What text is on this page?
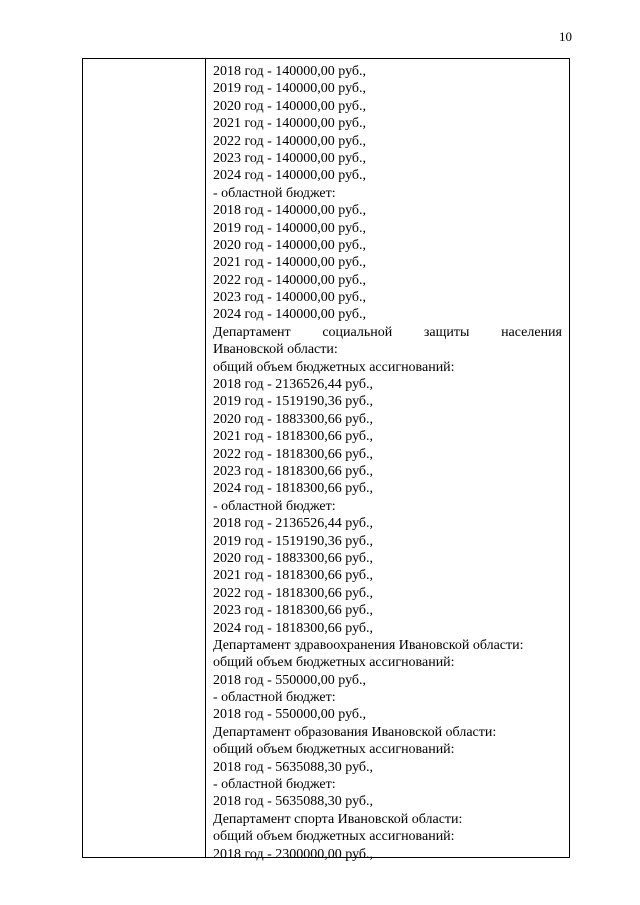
10
2018 год - 140000,00 руб.,
2019 год - 140000,00 руб.,
2020 год - 140000,00 руб.,
2021 год - 140000,00 руб.,
2022 год - 140000,00 руб.,
2023 год - 140000,00 руб.,
2024 год - 140000,00 руб.,
- областной бюджет:
2018 год - 140000,00 руб.,
2019 год - 140000,00 руб.,
2020 год - 140000,00 руб.,
2021 год - 140000,00 руб.,
2022 год - 140000,00 руб.,
2023 год - 140000,00 руб.,
2024 год - 140000,00 руб.,
Департамент социальной защиты населения
Ивановской области:
общий объем бюджетных ассигнований:
2018 год - 2136526,44 руб.,
2019 год - 1519190,36 руб.,
2020 год - 1883300,66 руб.,
2021 год - 1818300,66 руб.,
2022 год - 1818300,66 руб.,
2023 год - 1818300,66 руб.,
2024 год - 1818300,66 руб.,
- областной бюджет:
2018 год - 2136526,44 руб.,
2019 год - 1519190,36 руб.,
2020 год - 1883300,66 руб.,
2021 год - 1818300,66 руб.,
2022 год - 1818300,66 руб.,
2023 год - 1818300,66 руб.,
2024 год - 1818300,66 руб.,
Департамент здравоохранения Ивановской области:
общий объем бюджетных ассигнований:
2018 год - 550000,00 руб.,
- областной бюджет:
2018 год - 550000,00 руб.,
Департамент образования Ивановской области:
общий объем бюджетных ассигнований:
2018 год - 5635088,30 руб.,
- областной бюджет:
2018 год - 5635088,30 руб.,
Департамент спорта Ивановской области:
общий объем бюджетных ассигнований:
2018 год - 2300000,00 руб.,
